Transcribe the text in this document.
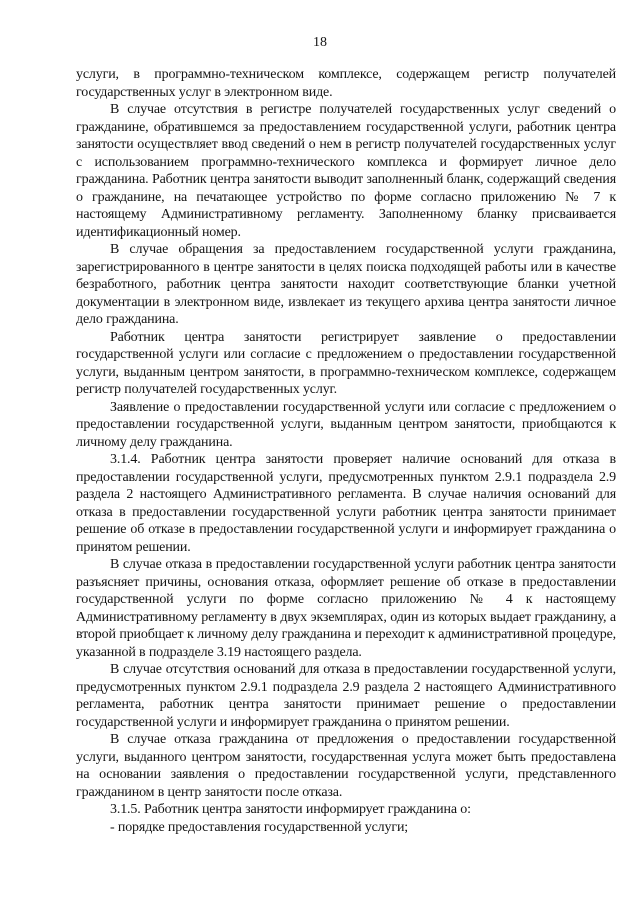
18

услуги, в программно-техническом комплексе, содержащем регистр получателей государственных услуг в электронном виде.

В случае отсутствия в регистре получателей государственных услуг сведений о гражданине, обратившемся за предоставлением государственной услуги, работник центра занятости осуществляет ввод сведений о нем в регистр получателей государственных услуг с использованием программно-технического комплекса и формирует личное дело гражданина. Работник центра занятости выводит заполненный бланк, содержащий сведения о гражданине, на печатающее устройство по форме согласно приложению № 7 к настоящему Административному регламенту. Заполненному бланку присваивается идентификационный номер.

В случае обращения за предоставлением государственной услуги гражданина, зарегистрированного в центре занятости в целях поиска подходящей работы или в качестве безработного, работник центра занятости находит соответствующие бланки учетной документации в электронном виде, извлекает из текущего архива центра занятости личное дело гражданина.

Работник центра занятости регистрирует заявление о предоставлении государственной услуги или согласие с предложением о предоставлении государственной услуги, выданным центром занятости, в программно-техническом комплексе, содержащем регистр получателей государственных услуг.

Заявление о предоставлении государственной услуги или согласие с предложением о предоставлении государственной услуги, выданным центром занятости, приобщаются к личному делу гражданина.

3.1.4. Работник центра занятости проверяет наличие оснований для отказа в предоставлении государственной услуги, предусмотренных пунктом 2.9.1 подраздела 2.9 раздела 2 настоящего Административного регламента. В случае наличия оснований для отказа в предоставлении государственной услуги работник центра занятости принимает решение об отказе в предоставлении государственной услуги и информирует гражданина о принятом решении.

В случае отказа в предоставлении государственной услуги работник центра занятости разъясняет причины, основания отказа, оформляет решение об отказе в предоставлении государственной услуги по форме согласно приложению № 4 к настоящему Административному регламенту в двух экземплярах, один из которых выдает гражданину, а второй приобщает к личному делу гражданина и переходит к административной процедуре, указанной в подразделе 3.19 настоящего раздела.

В случае отсутствия оснований для отказа в предоставлении государственной услуги, предусмотренных пунктом 2.9.1 подраздела 2.9 раздела 2 настоящего Административного регламента, работник центра занятости принимает решение о предоставлении государственной услуги и информирует гражданина о принятом решении.

В случае отказа гражданина от предложения о предоставлении государственной услуги, выданного центром занятости, государственная услуга может быть предоставлена на основании заявления о предоставлении государственной услуги, представленного гражданином в центр занятости после отказа.

3.1.5. Работник центра занятости информирует гражданина о:

- порядке предоставления государственной услуги;
